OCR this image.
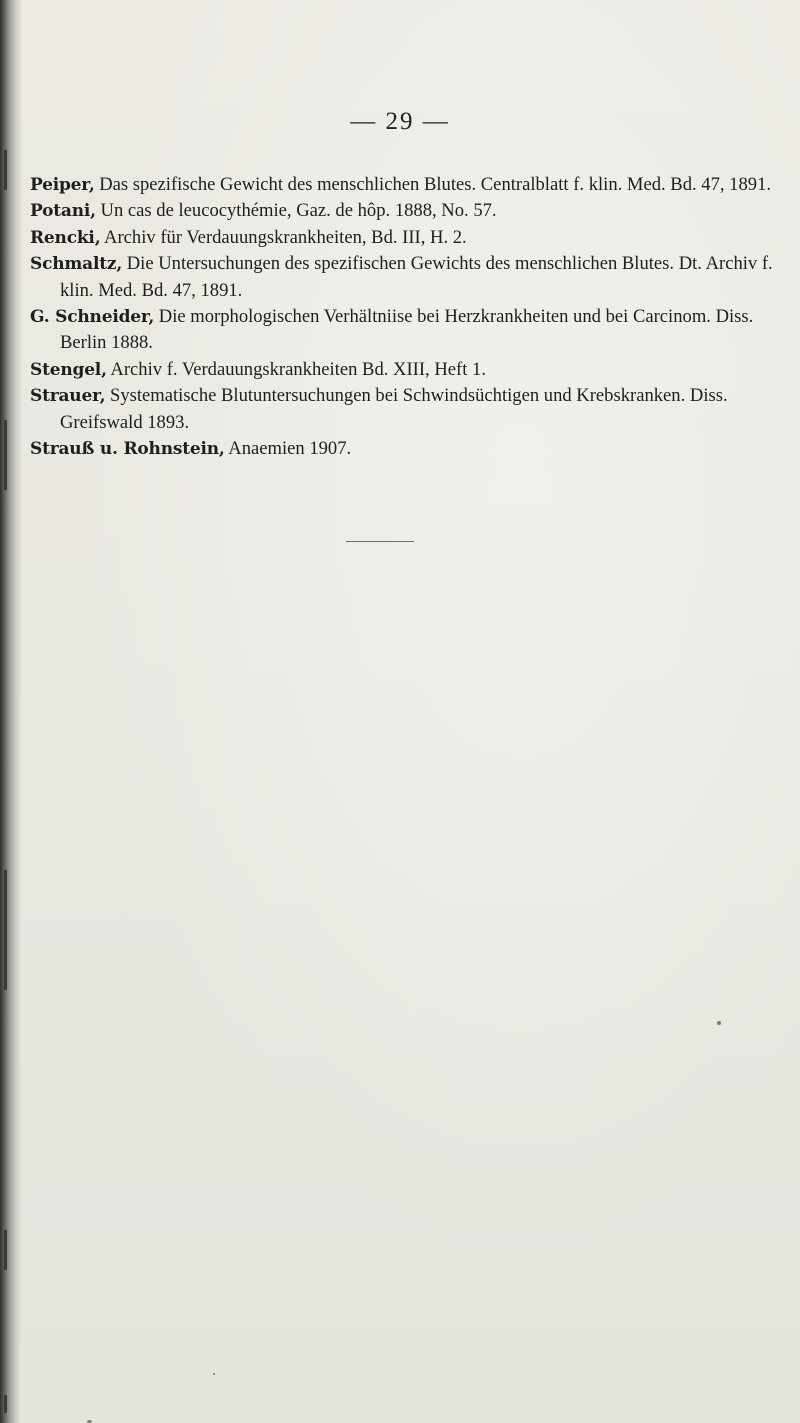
— 29 —
Peiper, Das spezifische Gewicht des menschlichen Blutes. Centralblatt f. klin. Med. Bd. 47, 1891.
Potani, Un cas de leucocythémie, Gaz. de hôp. 1888, No. 57.
Rencki, Archiv für Verdauungskrankheiten, Bd. III, H. 2.
Schmaltz, Die Untersuchungen des spezifischen Gewichts des menschlichen Blutes. Dt. Archiv f. klin. Med. Bd. 47, 1891.
G. Schneider, Die morphologischen Verhältniise bei Herzkrankheiten und bei Carcinom. Diss. Berlin 1888.
Stengel, Archiv f. Verdauungskrankheiten Bd. XIII, Heft 1.
Strauer, Systematische Blutuntersuchungen bei Schwindsüchtigen und Krebskranken. Diss. Greifswald 1893.
Strauß u. Rohnstein, Anaemien 1907.
